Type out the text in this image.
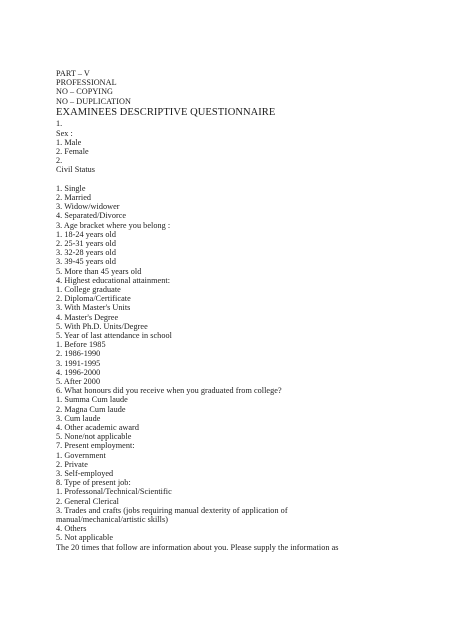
PART – V
PROFESSIONAL
NO – COPYING
NO – DUPLICATION
EXAMINEES DESCRIPTIVE QUESTIONNAIRE
1.
Sex :
1. Male
2. Female
2.
Civil Status
1. Single
2. Married
3. Widow/widower
4. Separated/Divorce
3. Age bracket where you belong :
1. 18-24 years old
2. 25-31 years old
3. 32-28 years old
3. 39-45 years old
5. More than 45 years old
4. Highest educational attainment:
1. College graduate
2. Diploma/Certificate
3. With Master's Units
4. Master's Degree
5. With Ph.D. Units/Degree
5. Year of last attendance in school
1. Before 1985
2. 1986-1990
3. 1991-1995
4. 1996-2000
5. After 2000
6. What honours did you receive when you graduated from college?
1. Summa Cum laude
2. Magna Cum laude
3. Cum laude
4. Other academic award
5. None/not applicable
7. Present employment:
1. Government
2. Private
3. Self-employed
8. Type of present job:
1. Professonal/Technical/Scientific
2. General Clerical
3. Trades and crafts (jobs requiring manual dexterity of application of
manual/mechanical/artistic skills)
4. Others
5. Not applicable
The 20 times that follow are information about you. Please supply the information as
